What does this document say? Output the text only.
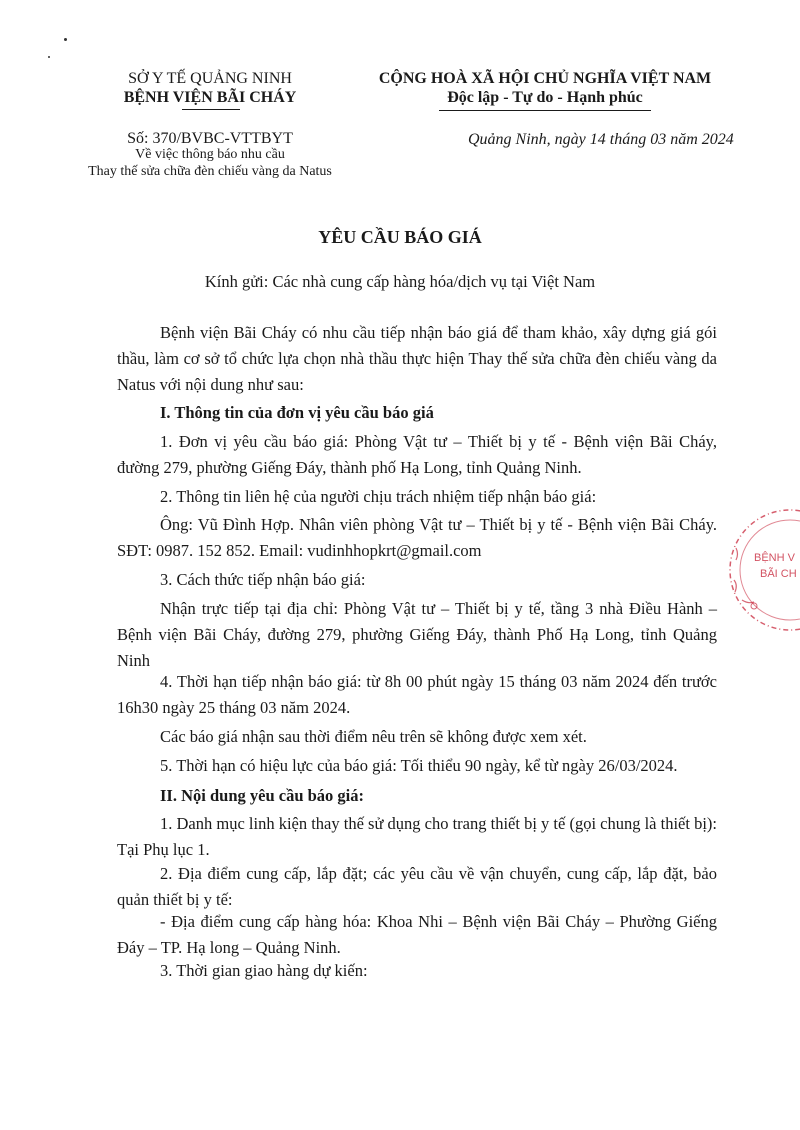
SỞ Y TẾ QUẢNG NINH
BỆNH VIỆN BÃI CHÁY
CỘNG HOÀ XÃ HỘI CHỦ NGHĨA VIỆT NAM
Độc lập - Tự do - Hạnh phúc
Số: 370/BVBC-VTTBYT
Về việc thông báo nhu cầu
Thay thế sửa chữa đèn chiếu vàng da Natus
Quảng Ninh, ngày 14 tháng 03 năm 2024
YÊU CẦU BÁO GIÁ
Kính gửi: Các nhà cung cấp hàng hóa/dịch vụ tại Việt Nam
Bệnh viện Bãi Cháy có nhu cầu tiếp nhận báo giá để tham khảo, xây dựng giá gói thầu, làm cơ sở tổ chức lựa chọn nhà thầu thực hiện Thay thế sửa chữa đèn chiếu vàng da Natus với nội dung như sau:
I. Thông tin của đơn vị yêu cầu báo giá
1. Đơn vị yêu cầu báo giá: Phòng Vật tư – Thiết bị y tế - Bệnh viện Bãi Cháy, đường 279, phường Giếng Đáy, thành phố Hạ Long, tỉnh Quảng Ninh.
2. Thông tin liên hệ của người chịu trách nhiệm tiếp nhận báo giá:
Ông: Vũ Đình Hợp. Nhân viên phòng Vật tư – Thiết bị y tế - Bệnh viện Bãi Cháy. SĐT: 0987. 152 852. Email: vudinhhopkrt@gmail.com
3. Cách thức tiếp nhận báo giá:
Nhận trực tiếp tại địa chỉ: Phòng Vật tư – Thiết bị y tế, tầng 3 nhà Điều Hành – Bệnh viện Bãi Cháy, đường 279, phường Giếng Đáy, thành Phố Hạ Long, tỉnh Quảng Ninh
4. Thời hạn tiếp nhận báo giá: từ 8h 00 phút ngày 15 tháng 03 năm 2024 đến trước 16h30 ngày 25 tháng 03 năm 2024.
Các báo giá nhận sau thời điểm nêu trên sẽ không được xem xét.
5. Thời hạn có hiệu lực của báo giá: Tối thiểu 90 ngày, kể từ ngày 26/03/2024.
II. Nội dung yêu cầu báo giá:
1. Danh mục linh kiện thay thế sử dụng cho trang thiết bị y tế (gọi chung là thiết bị): Tại Phụ lục 1.
2. Địa điểm cung cấp, lắp đặt; các yêu cầu về vận chuyển, cung cấp, lắp đặt, bảo quản thiết bị y tế:
- Địa điểm cung cấp hàng hóa: Khoa Nhi – Bệnh viện Bãi Cháy – Phường Giếng Đáy – TP. Hạ long – Quảng Ninh.
3. Thời gian giao hàng dự kiến:
BỆNH V
BÃI CH
